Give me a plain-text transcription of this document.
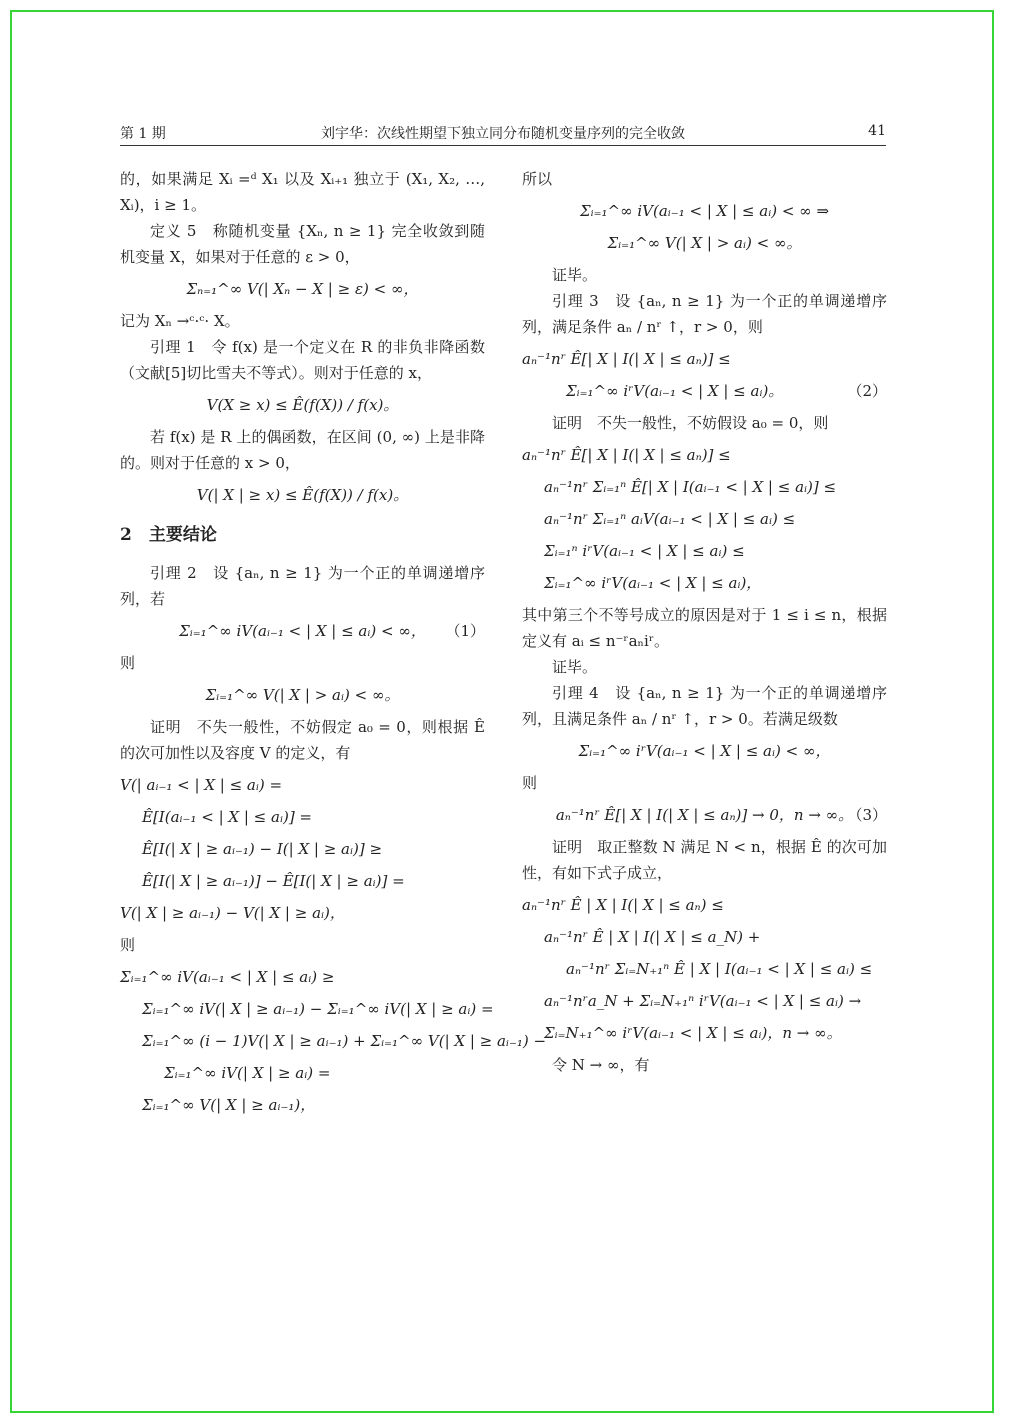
第 1 期	刘宇华：次线性期望下独立同分布随机变量序列的完全收敛	41
的，如果满足 Xᵢ =ᵈ X₁ 以及 Xᵢ₊₁ 独立于 (X₁, X₂, …, Xᵢ)，i ≥ 1。
定义 5　称随机变量 {Xₙ, n ≥ 1} 完全收敛到随机变量 X，如果对于任意的 ε > 0，
Σₙ₌₁^∞ V(| Xₙ − X | ≥ ε) < ∞，
记为 Xₙ →ᶜ·ᶜ· X。
引理 1　令 f(x) 是一个定义在 R 的非负非降函数（文献[5]切比雪夫不等式）。则对于任意的 x，
V(X ≥ x) ≤ Ê(f(X)) / f(x)。
若 f(x) 是 R 上的偶函数，在区间 (0, ∞) 上是非降的。则对于任意的 x > 0，
V(| X | ≥ x) ≤ Ê(f(X)) / f(x)。
2　主要结论
引理 2　设 {aₙ, n ≥ 1} 为一个正的单调递增序列，若
Σᵢ₌₁^∞ iV(aᵢ₋₁ < | X | ≤ aᵢ) < ∞， （1）
则
Σᵢ₌₁^∞ V(| X | > aᵢ) < ∞。
证明　不失一般性，不妨假定 a₀ = 0，则根据 Ê 的次可加性以及容度 V 的定义，有
V(| aᵢ₋₁ < | X | ≤ aᵢ) =
Ê[I(aᵢ₋₁ < | X | ≤ aᵢ)] =
Ê[I(| X | ≥ aᵢ₋₁) − I(| X | ≥ aᵢ)] ≥
Ê[I(| X | ≥ aᵢ₋₁)] − Ê[I(| X | ≥ aᵢ)] =
V(| X | ≥ aᵢ₋₁) − V(| X | ≥ aᵢ)，
则
Σᵢ₌₁^∞ iV(aᵢ₋₁ < | X | ≤ aᵢ) ≥
Σᵢ₌₁^∞ iV(| X | ≥ aᵢ₋₁) − Σᵢ₌₁^∞ iV(| X | ≥ aᵢ) =
Σᵢ₌₁^∞ (i − 1)V(| X | ≥ aᵢ₋₁) + Σᵢ₌₁^∞ V(| X | ≥ aᵢ₋₁) −
Σᵢ₌₁^∞ iV(| X | ≥ aᵢ) =
Σᵢ₌₁^∞ V(| X | ≥ aᵢ₋₁)，
所以
Σᵢ₌₁^∞ iV(aᵢ₋₁ < | X | ≤ aᵢ) < ∞ ⇒
Σᵢ₌₁^∞ V(| X | > aᵢ) < ∞。
证毕。
引理 3　设 {aₙ, n ≥ 1} 为一个正的单调递增序列，满足条件 aₙ / nʳ ↑，r > 0，则
aₙ⁻¹nʳ Ê[| X | I(| X | ≤ aₙ)] ≤
Σᵢ₌₁^∞ iʳV(aᵢ₋₁ < | X | ≤ aᵢ)。	（2）
证明　不失一般性，不妨假设 a₀ = 0，则
aₙ⁻¹nʳ Ê[| X | I(| X | ≤ aₙ)] ≤
aₙ⁻¹nʳ Σᵢ₌₁ⁿ Ê[| X | I(aᵢ₋₁ < | X | ≤ aᵢ)] ≤
aₙ⁻¹nʳ Σᵢ₌₁ⁿ aᵢV(aᵢ₋₁ < | X | ≤ aᵢ) ≤
Σᵢ₌₁ⁿ iʳV(aᵢ₋₁ < | X | ≤ aᵢ) ≤
Σᵢ₌₁^∞ iʳV(aᵢ₋₁ < | X | ≤ aᵢ)，
其中第三个不等号成立的原因是对于 1 ≤ i ≤ n，根据定义有 aᵢ ≤ n⁻ʳaₙiʳ。
证毕。
引理 4　设 {aₙ, n ≥ 1} 为一个正的单调递增序列，且满足条件 aₙ / nʳ ↑，r > 0。若满足级数
Σᵢ₌₁^∞ iʳV(aᵢ₋₁ < | X | ≤ aᵢ) < ∞，
则
aₙ⁻¹nʳ Ê[| X | I(| X | ≤ aₙ)] → 0，n → ∞。
（3）
证明　取正整数 N 满足 N < n，根据 Ê 的次可加性，有如下式子成立，
aₙ⁻¹nʳ Ê | X | I(| X | ≤ aₙ) ≤
aₙ⁻¹nʳ Ê | X | I(| X | ≤ a_N) +
aₙ⁻¹nʳ Σᵢ₌N₊₁ⁿ Ê | X | I(aᵢ₋₁ < | X | ≤ aᵢ) ≤
aₙ⁻¹nʳa_N + Σᵢ₌N₊₁ⁿ iʳV(aᵢ₋₁ < | X | ≤ aᵢ) →
Σᵢ₌N₊₁^∞ iʳV(aᵢ₋₁ < | X | ≤ aᵢ)，n → ∞。
令 N → ∞，有
